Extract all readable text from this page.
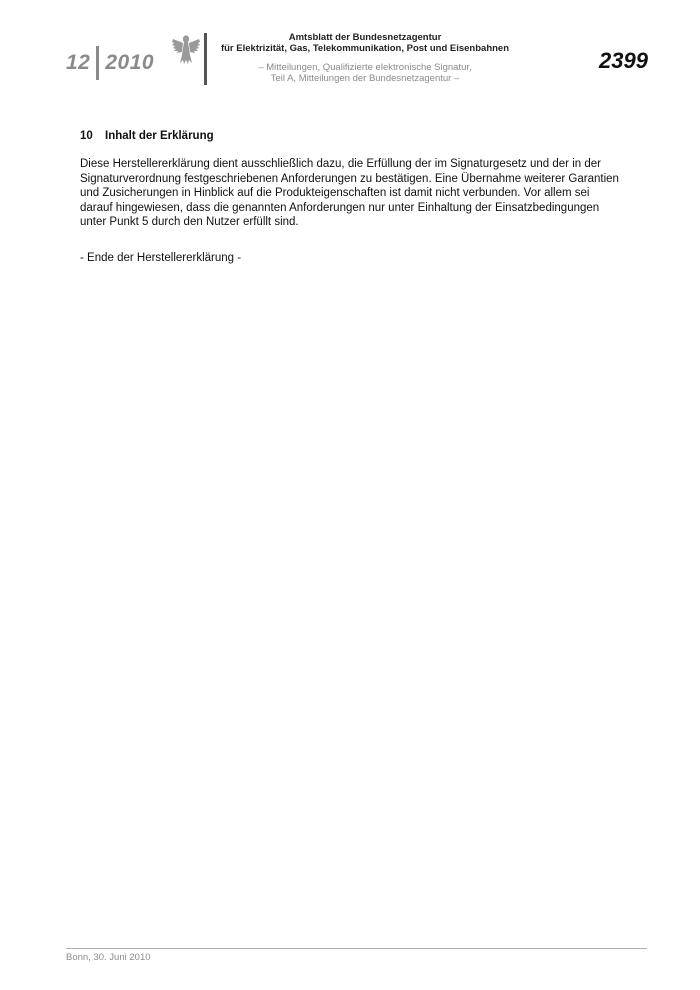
12 2010
Amtsblatt der Bundesnetzagentur
für Elektrizität, Gas, Telekommunikation, Post und Eisenbahnen
– Mitteilungen, Qualifizierte elektronische Signatur,
Teil A, Mitteilungen der Bundesnetzagentur –
2399
10	Inhalt der Erklärung
Diese Herstellererklärung dient ausschließlich dazu, die Erfüllung der im Signaturgesetz und der in der
Signaturverordnung festgeschriebenen Anforderungen zu bestätigen. Eine Übernahme weiterer Garantien
und Zusicherungen in Hinblick auf die Produkteigenschaften ist damit nicht verbunden. Vor allem sei
darauf hingewiesen, dass die genannten Anforderungen nur unter Einhaltung der Einsatzbedingungen
unter Punkt 5 durch den Nutzer erfüllt sind.
- Ende der Herstellererklärung -
Bonn, 30. Juni 2010
